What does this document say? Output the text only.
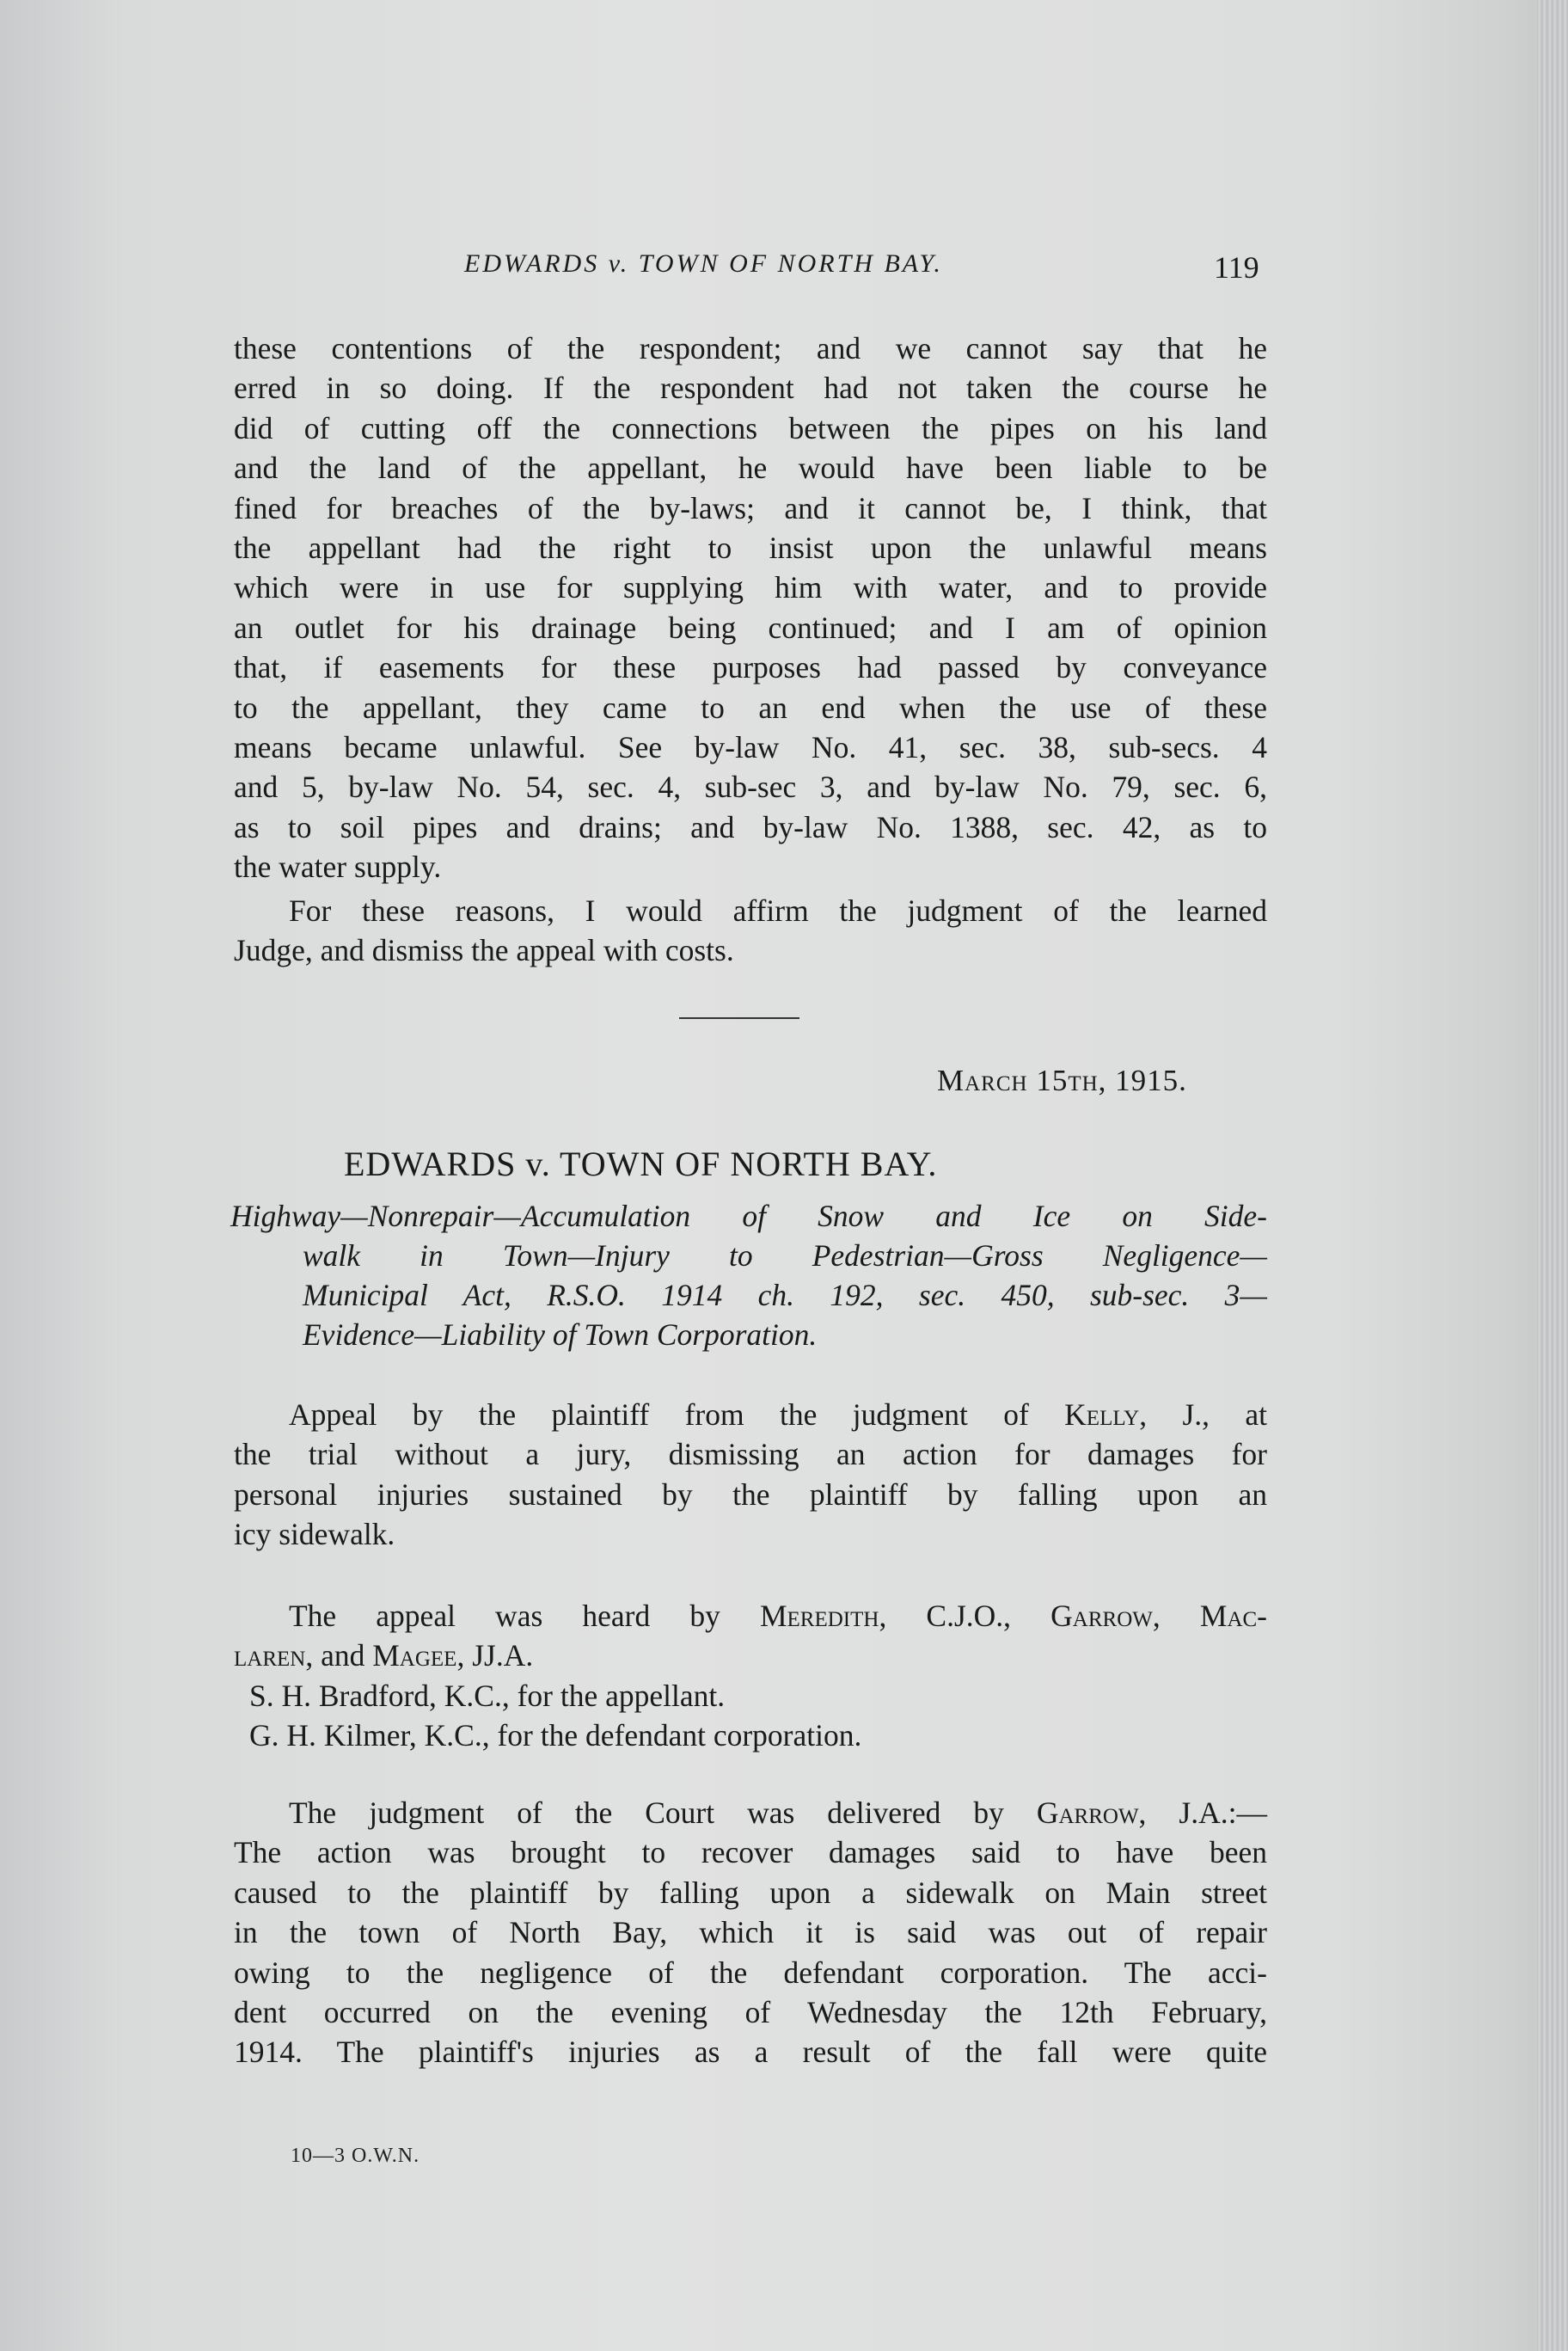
EDWARDS v. TOWN OF NORTH BAY.	119

these contentions of the respondent; and we cannot say that he
erred in so doing. If the respondent had not taken the course he
did of cutting off the connections between the pipes on his land
and the land of the appellant, he would have been liable to be
fined for breaches of the by-laws; and it cannot be, I think, that
the appellant had the right to insist upon the unlawful means
which were in use for supplying him with water, and to provide
an outlet for his drainage being continued; and I am of opinion
that, if easements for these purposes had passed by conveyance
to the appellant, they came to an end when the use of these
means became unlawful. See by-law No. 41, sec. 38, sub-secs. 4
and 5, by-law No. 54, sec. 4, sub-sec 3, and by-law No. 79, sec. 6,
as to soil pipes and drains; and by-law No. 1388, sec. 42, as to
the water supply.
For these reasons, I would affirm the judgment of the learned
Judge, and dismiss the appeal with costs.

March 15th, 1915.

EDWARDS v. TOWN OF NORTH BAY.

Highway—Nonrepair—Accumulation of Snow and Ice on Side-
walk in Town—Injury to Pedestrian—Gross Negligence—
Municipal Act, R.S.O. 1914 ch. 192, sec. 450, sub-sec. 3—
Evidence—Liability of Town Corporation.
Appeal by the plaintiff from the judgment of Kelly, J., at
the trial without a jury, dismissing an action for damages for
personal injuries sustained by the plaintiff by falling upon an
icy sidewalk.
The appeal was heard by Meredith, C.J.O., Garrow, Mac-
laren, and Magee, JJ.A.
S. H. Bradford, K.C., for the appellant.
G. H. Kilmer, K.C., for the defendant corporation.
The judgment of the Court was delivered by Garrow, J.A.:—
The action was brought to recover damages said to have been
caused to the plaintiff by falling upon a sidewalk on Main street
in the town of North Bay, which it is said was out of repair
owing to the negligence of the defendant corporation. The acci-
dent occurred on the evening of Wednesday the 12th February,
1914. The plaintiff's injuries as a result of the fall were quite

10—3 O.W.N.
